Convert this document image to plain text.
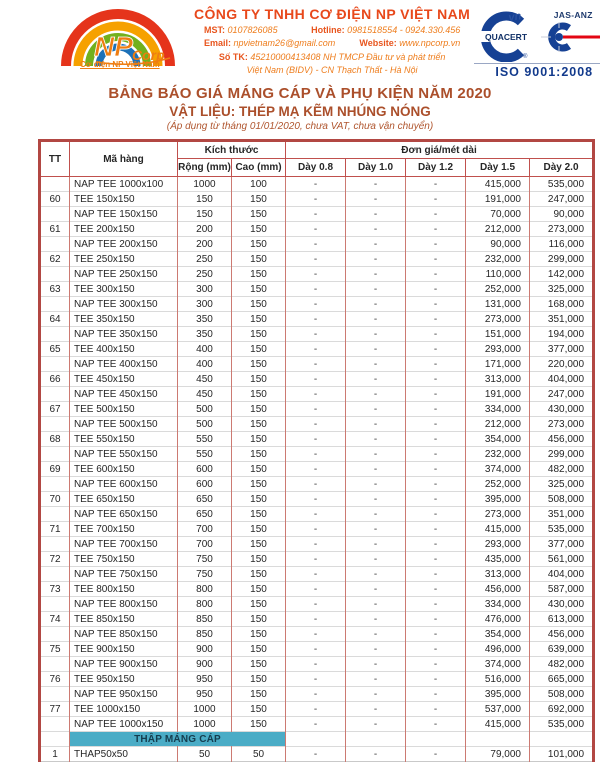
NP Corp
Cơ điện NP Việt Nam
CÔNG TY TNHH CƠ ĐIỆN NP VIỆT NAM
MST: 0107826085	Hotline: 0981518554 - 0924.330.456
Email: npvietnam26@gmail.com	Website: www.npcorp.vn
Số TK: 45210000413408 NH TMCP Đầu tư và phát triển
Việt Nam (BIDV) - CN Thạch Thất - Hà Nội
QUACERT
vn
®
JAS-ANZ
ISO 9001:2008
BẢNG BÁO GIÁ MÁNG CÁP VÀ PHỤ KIỆN NĂM 2020
VẬT LIỆU: THÉP MẠ KẼM NHÚNG NÓNG
(Áp dụng từ tháng 01/01/2020, chưa VAT, chưa vận chuyển)
TT	Mã hàng	Kích thước		Đơn giá/mét dài				
		Rộng (mm)	Cao (mm)	Dày 0.8	Dày 1.0	Dày 1.2	Dày 1.5	Dày 2.0
	NAP TEE 1000x100	1000	100	-	-	-	415,000	535,000
60	TEE 150x150	150	150	-	-	-	191,000	247,000
	NAP TEE 150x150	150	150	-	-	-	70,000	90,000
61	TEE 200x150	200	150	-	-	-	212,000	273,000
	NAP TEE 200x150	200	150	-	-	-	90,000	116,000
62	TEE 250x150	250	150	-	-	-	232,000	299,000
	NAP TEE 250x150	250	150	-	-	-	110,000	142,000
63	TEE 300x150	300	150	-	-	-	252,000	325,000
	NAP TEE 300x150	300	150	-	-	-	131,000	168,000
64	TEE 350x150	350	150	-	-	-	273,000	351,000
	NAP TEE 350x150	350	150	-	-	-	151,000	194,000
65	TEE 400x150	400	150	-	-	-	293,000	377,000
	NAP TEE 400x150	400	150	-	-	-	171,000	220,000
66	TEE 450x150	450	150	-	-	-	313,000	404,000
	NAP TEE 450x150	450	150	-	-	-	191,000	247,000
67	TEE 500x150	500	150	-	-	-	334,000	430,000
	NAP TEE 500x150	500	150	-	-	-	212,000	273,000
68	TEE 550x150	550	150	-	-	-	354,000	456,000
	NAP TEE 550x150	550	150	-	-	-	232,000	299,000
69	TEE 600x150	600	150	-	-	-	374,000	482,000
	NAP TEE 600x150	600	150	-	-	-	252,000	325,000
70	TEE 650x150	650	150	-	-	-	395,000	508,000
	NAP TEE 650x150	650	150	-	-	-	273,000	351,000
71	TEE 700x150	700	150	-	-	-	415,000	535,000
	NAP TEE 700x150	700	150	-	-	-	293,000	377,000
72	TEE 750x150	750	150	-	-	-	435,000	561,000
	NAP TEE 750x150	750	150	-	-	-	313,000	404,000
73	TEE 800x150	800	150	-	-	-	456,000	587,000
	NAP TEE 800x150	800	150	-	-	-	334,000	430,000
74	TEE 850x150	850	150	-	-	-	476,000	613,000
	NAP TEE 850x150	850	150	-	-	-	354,000	456,000
75	TEE 900x150	900	150	-	-	-	496,000	639,000
	NAP TEE 900x150	900	150	-	-	-	374,000	482,000
76	TEE 950x150	950	150	-	-	-	516,000	665,000
	NAP TEE 950x150	950	150	-	-	-	395,000	508,000
77	TEE 1000x150	1000	150	-	-	-	537,000	692,000
	NAP TEE 1000x150	1000	150	-	-	-	415,000	535,000
	THẬP MÁNG CÁP							
1	THAP50x50	50	50	-	-	-	79,000	101,000
